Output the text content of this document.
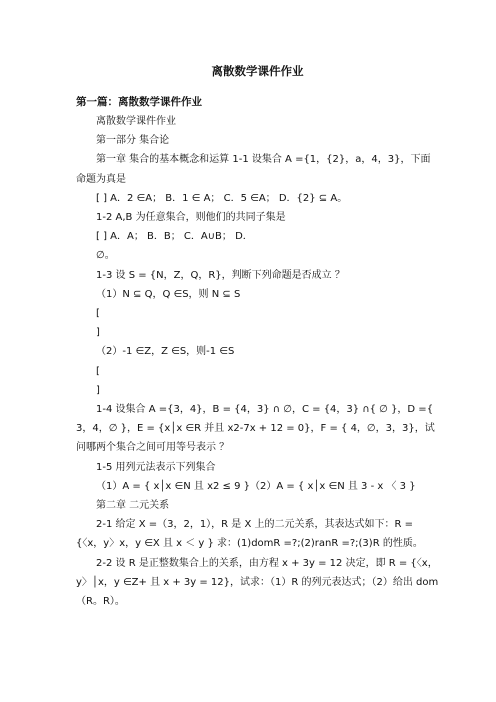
离散数学课件作业
第一篇：离散数学课件作业
离散数学课件作业
第一部分 集合论
第一章 集合的基本概念和运算 1-1 设集合 A ={1，{2}，a，4，3}，下面命题为真是
[ ] A．2 ∈A； B．1 ∈ A； C．5 ∈A； D．{2} ⊆ A。
1-2 A,B 为任意集合，则他们的共同子集是
[ ] A．A； B．B； C．A∪B； D．
∅。
1-3 设 S = {N，Z，Q，R}，判断下列命题是否成立 ？
（1）N ⊆ Q，Q ∈S，则 N ⊆ S
[
]
（2）-1 ∈Z，Z ∈S，则-1 ∈S
[
]
1-4 设集合 A ={3，4}，B = {4，3} ∩ ∅，C = {4，3} ∩{ ∅ }，D ={ 3，4，∅ }，E = {x│x ∈R 并且 x2-7x + 12 = 0}，F = { 4，∅，3，3}，试问哪两个集合之间可用等号表示 ？
1-5 用列元法表示下列集合
（1）A = { x│x ∈N 且 x2 ≤ 9 }（2）A = { x│x ∈N 且 3 - x 〈 3 }
第二章 二元关系
2-1 给定 X =（3，2，1），R 是 X 上的二元关系，其表达式如下：R = {〈x，y〉x，y ∈X 且 x ＜ y } 求：(1)domR =?;(2)ranR =?;(3)R 的性质。
2-2 设 R 是正整数集合上的关系，由方程 x + 3y = 12 决定，即 R = {〈x，y〉│x，y ∈Z+ 且 x + 3y = 12}，试求：（1）R 的列元表达式；（2）给出 dom（R。R）。
